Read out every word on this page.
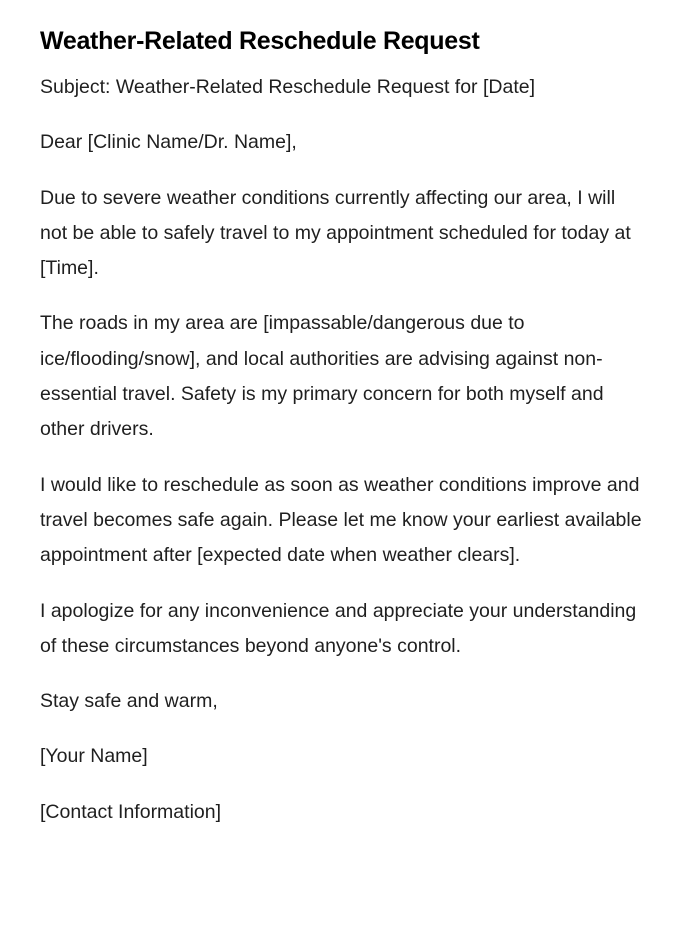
Weather-Related Reschedule Request

Subject: Weather-Related Reschedule Request for [Date]

Dear [Clinic Name/Dr. Name],

Due to severe weather conditions currently affecting our area, I will not be able to safely travel to my appointment scheduled for today at [Time].

The roads in my area are [impassable/dangerous due to ice/flooding/snow], and local authorities are advising against non-essential travel. Safety is my primary concern for both myself and other drivers.

I would like to reschedule as soon as weather conditions improve and travel becomes safe again. Please let me know your earliest available appointment after [expected date when weather clears].

I apologize for any inconvenience and appreciate your understanding of these circumstances beyond anyone's control.

Stay safe and warm,

[Your Name]

[Contact Information]
